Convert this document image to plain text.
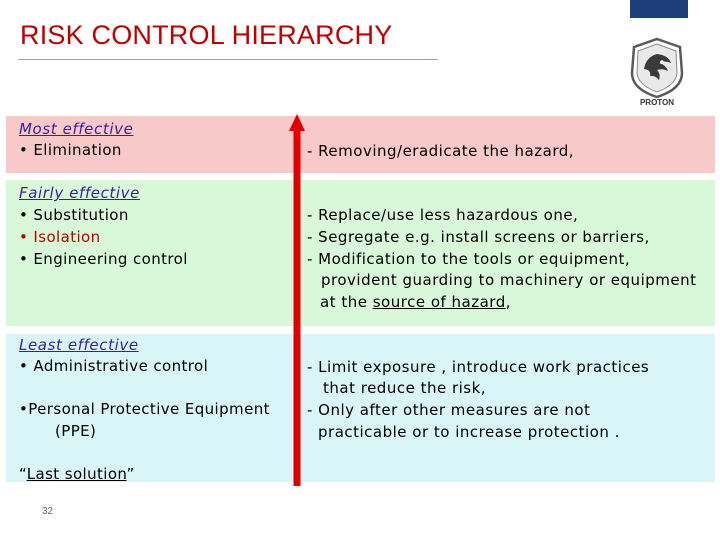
RISK CONTROL HIERARCHY
PROTON
Most effective
• Elimination	- Removing/eradicate the hazard,
Fairly effective
• Substitution
• Isolation
• Engineering control
- Replace/use less hazardous one,
- Segregate e.g. install screens or barriers,
- Modification to the tools or equipment,
provident guarding to machinery or equipment
at the source of hazard,
Least effective
• Administrative control
•Personal Protective Equipment
(PPE)
“Last solution”
- Limit exposure , introduce work practices
that reduce the risk,
- Only after other measures are not
practicable or to increase protection .
32
